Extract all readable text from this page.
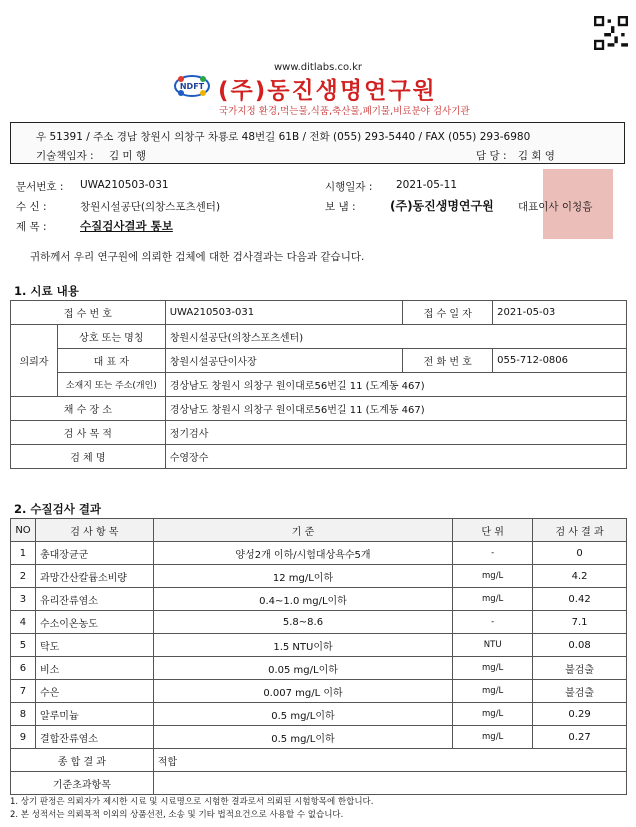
www.ditlabs.co.kr
NDFT (주)동진생명연구원
국가지정 환경,먹는물,식품,축산물,폐기물,비료분야 검사기관
우 51391 / 주소 경남 창원시 의창구 차룡로 48번길 61B / 전화 (055) 293-5440 / FAX (055) 293-6980
기술책임자 : 김 미 행	담 당 : 김 회 영
문서번호 : UWA210503-031
수 신 :	창원시설공단(의창스포츠센터)
제 목 :	수질검사결과 통보
시행일자 : 2021-05-11
보 냄 :	(주)동진생명연구원 대표이사 이청흠
귀하께서 우리 연구원에 의뢰한 검체에 대한 검사결과는 다음과 같습니다.
1. 시료 내용
접 수 번 호		UWA210503-031	접 수 일 자	2021-05-03
의뢰자	상호 또는 명칭	창원시설공단(의창스포츠센터)		
	대 표 자	창원시설공단이사장	전 화 번 호	055-712-0806
	소재지 또는 주소(개인)	경상남도 창원시 의창구 원이대로56번길 11 (도계동 467)		
채 수 장 소		경상남도 창원시 의창구 원이대로56번길 11 (도계동 467)		
검 사 목 적		정기검사		
검 체 명		수영장수		
2. 수질검사 결과
NO	검 사 항 목	기 준	단 위	검 사 결 과
1	총대장균군	양성2개 이하/시험대상욕수5개	-	0
2	과망간산칼륨소비량	12 mg/L이하	mg/L	4.2
3	유리잔류염소	0.4~1.0 mg/L이하	mg/L	0.42
4	수소이온농도	5.8~8.6	-	7.1
5	탁도	1.5 NTU이하	NTU	0.08
6	비소	0.05 mg/L이하	mg/L	불검출
7	수은	0.007 mg/L 이하	mg/L	불검출
8	알루미늄	0.5 mg/L이하	mg/L	0.29
9	결합잔류염소	0.5 mg/L이하	mg/L	0.27
종 합 결 과		적합		
기준초과항목				
1. 상기 판정은 의뢰자가 제시한 시료 및 시료명으로 시험한 결과로서 의뢰된 시험항목에 한합니다.
2. 본 성적서는 의뢰목적 이외의 상품선전, 소송 및 기타 법적요건으로 사용할 수 없습니다.
